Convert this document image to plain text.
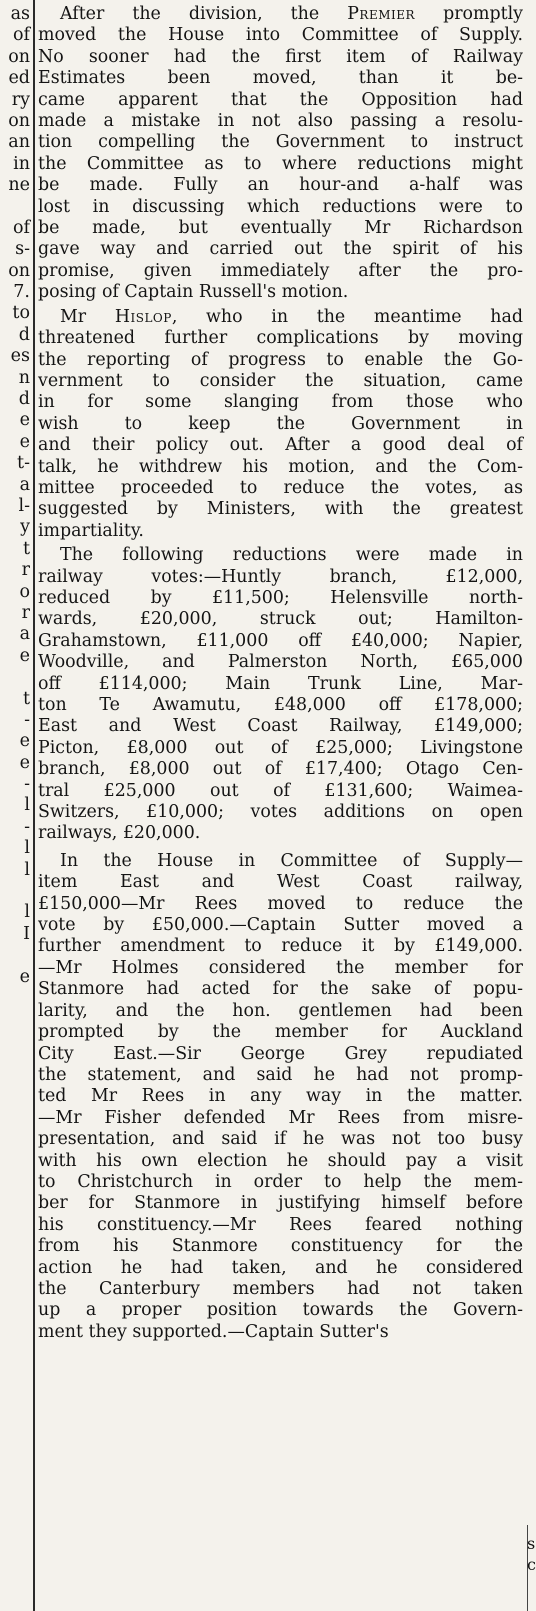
as
of
on
ed
ry
on
an
in
ne
of
s-
on
7.
to
d
es
n
d
e
e
t-
a
l-
y
t
r
o
r
a
e
t
-
e
e
-
l
-
l
l
l
I
e

After the division, the Premier promptly
moved the House into Committee of Supply.
No sooner had the first item of Railway
Estimates been moved, than it be-
came apparent that the Opposition had
made a mistake in not also passing a resolu-
tion compelling the Government to instruct
the Committee as to where reductions might
be made. Fully an hour-and a-half was
lost in discussing which reductions were to
be made, but eventually Mr Richardson
gave way and carried out the spirit of his
promise, given immediately after the pro-
posing of Captain Russell's motion.

Mr Hislop, who in the meantime had
threatened further complications by moving
the reporting of progress to enable the Go-
vernment to consider the situation, came
in for some slanging from those who
wish to keep the Government in
and their policy out. After a good deal of
talk, he withdrew his motion, and the Com-
mittee proceeded to reduce the votes, as
suggested by Ministers, with the greatest
impartiality.

The following reductions were made in
railway votes:—Huntly branch, £12,000,
reduced by £11,500; Helensville north-
wards, £20,000, struck out; Hamilton-
Grahamstown, £11,000 off £40,000; Napier,
Woodville, and Palmerston North, £65,000
off £114,000; Main Trunk Line, Mar-
ton Te Awamutu, £48,000 off £178,000;
East and West Coast Railway, £149,000;
Picton, £8,000 out of £25,000; Livingstone
branch, £8,000 out of £17,400; Otago Cen-
tral £25,000 out of £131,600; Waimea-
Switzers, £10,000; votes additions on open
railways, £20,000.

In the House in Committee of Supply—
item East and West Coast railway,
£150,000—Mr Rees moved to reduce the
vote by £50,000.—Captain Sutter moved a
further amendment to reduce it by £149,000.
—Mr Holmes considered the member for
Stanmore had acted for the sake of popu-
larity, and the hon. gentlemen had been
prompted by the member for Auckland
City East.—Sir George Grey repudiated
the statement, and said he had not promp-
ted Mr Rees in any way in the matter.
—Mr Fisher defended Mr Rees from misre-
presentation, and said if he was not too busy
with his own election he should pay a visit
to Christchurch in order to help the mem-
ber for Stanmore in justifying himself before
his constituency.—Mr Rees feared nothing
from his Stanmore constituency for the
action he had taken, and he considered
the Canterbury members had not taken
up a proper position towards the Govern-
ment they supported.—Captain Sutter's

s
c
